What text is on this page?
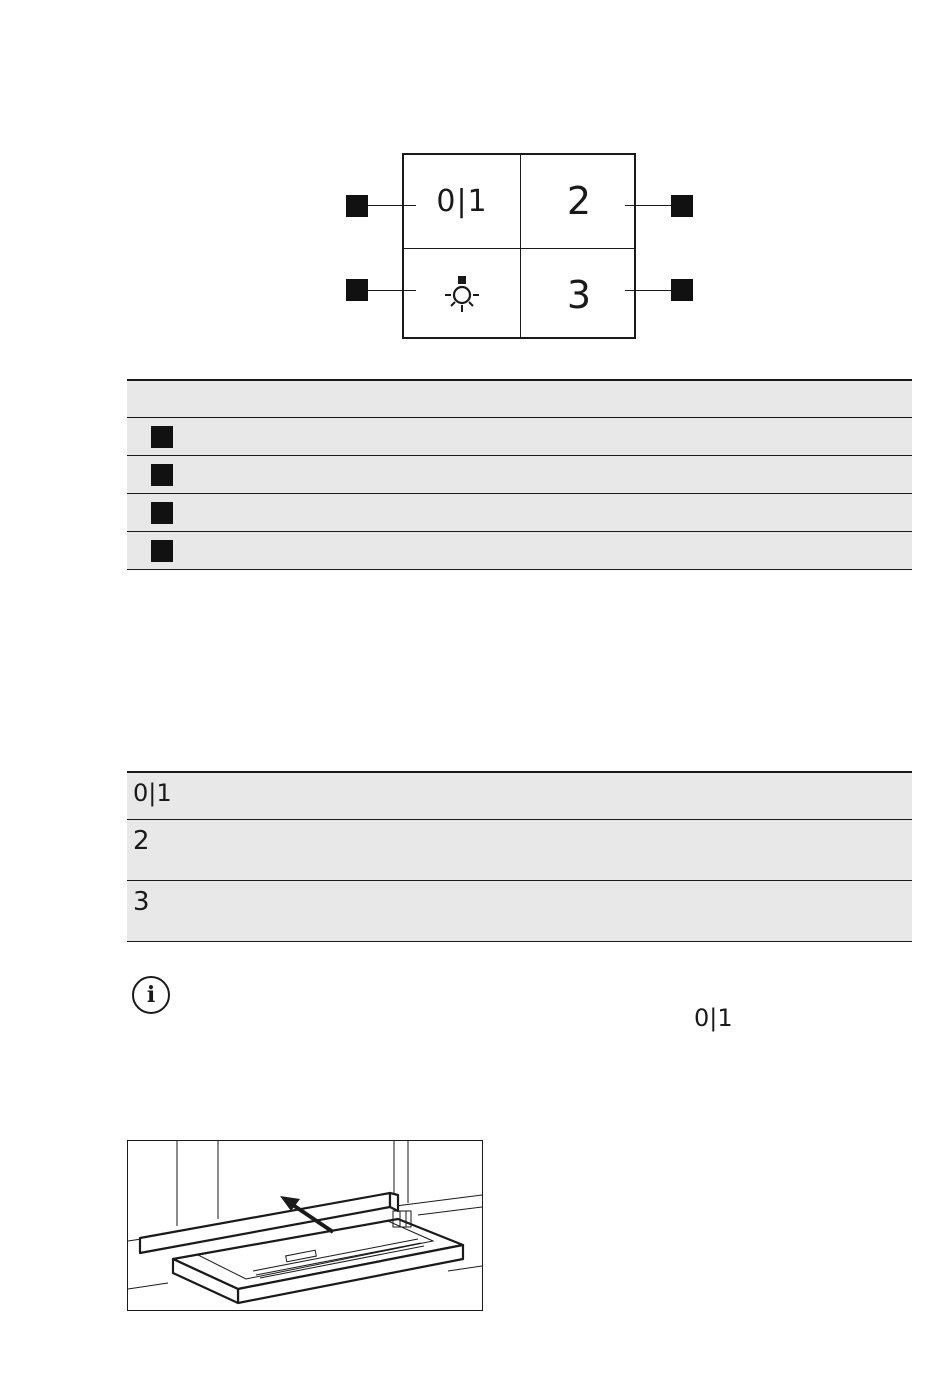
0|1 2
3
0|1
2
3
i
0|1
